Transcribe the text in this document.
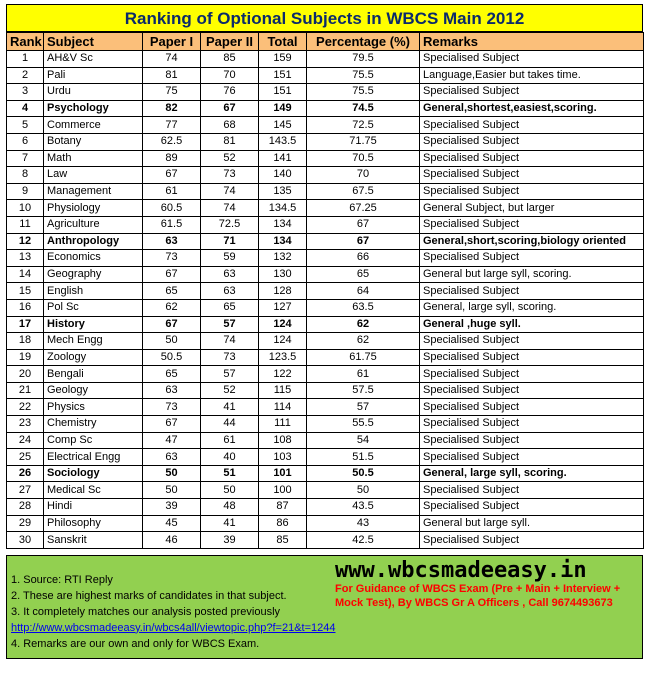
Ranking of Optional Subjects in WBCS Main 2012
Rank	Subject	Paper I	Paper II	Total	Percentage (%)	Remarks
1	AH&V Sc	74	85	159	79.5	Specialised Subject
2	Pali	81	70	151	75.5	Language,Easier but takes time.
3	Urdu	75	76	151	75.5	Specialised Subject
4	Psychology	82	67	149	74.5	General,shortest,easiest,scoring.
5	Commerce	77	68	145	72.5	Specialised Subject
6	Botany	62.5	81	143.5	71.75	Specialised Subject
7	Math	89	52	141	70.5	Specialised Subject
8	Law	67	73	140	70	Specialised Subject
9	Management	61	74	135	67.5	Specialised Subject
10	Physiology	60.5	74	134.5	67.25	General Subject, but larger
11	Agriculture	61.5	72.5	134	67	Specialised Subject
12	Anthropology	63	71	134	67	General,short,scoring,biology oriented
13	Economics	73	59	132	66	Specialised Subject
14	Geography	67	63	130	65	General but large syll, scoring.
15	English	65	63	128	64	Specialised Subject
16	Pol Sc	62	65	127	63.5	General, large syll, scoring.
17	History	67	57	124	62	General ,huge syll.
18	Mech Engg	50	74	124	62	Specialised Subject
19	Zoology	50.5	73	123.5	61.75	Specialised Subject
20	Bengali	65	57	122	61	Specialised Subject
21	Geology	63	52	115	57.5	Specialised Subject
22	Physics	73	41	114	57	Specialised Subject
23	Chemistry	67	44	111	55.5	Specialised Subject
24	Comp Sc	47	61	108	54	Specialised Subject
25	Electrical Engg	63	40	103	51.5	Specialised Subject
26	Sociology	50	51	101	50.5	General, large syll, scoring.
27	Medical Sc	50	50	100	50	Specialised Subject
28	Hindi	39	48	87	43.5	Specialised Subject
29	Philosophy	45	41	86	43	General but large syll.
30	Sanskrit	46	39	85	42.5	Specialised Subject
1. Source: RTI Reply
2. These are highest marks of candidates in that subject.
3. It completely matches our analysis posted previously
http://www.wbcsmadeeasy.in/wbcs4all/viewtopic.php?f=21&t=1244
4. Remarks are our own and only for WBCS Exam.
www.wbcsmadeeasy.in
For Guidance of WBCS Exam (Pre + Main + Interview + Mock Test), By WBCS Gr A Officers , Call 9674493673
